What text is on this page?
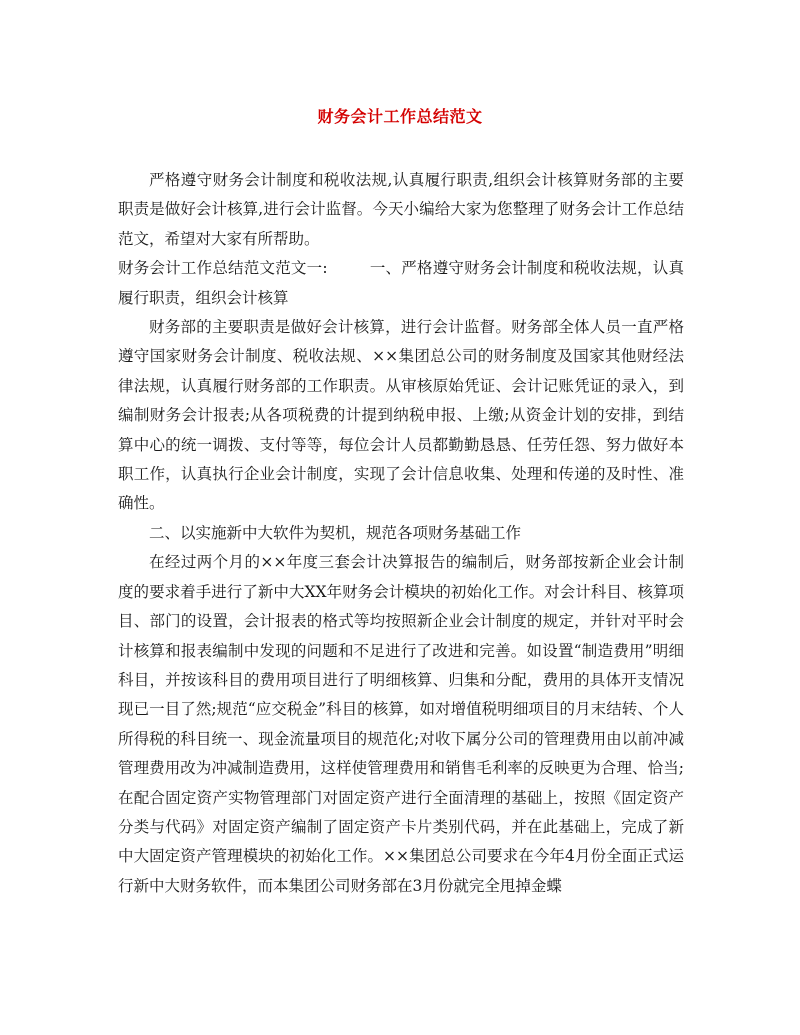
财务会计工作总结范文

严格遵守财务会计制度和税收法规,认真履行职责,组织会计核算财务部的主要职责是做好会计核算,进行会计监督。今天小编给大家为您整理了财务会计工作总结范文，希望对大家有所帮助。

财务会计工作总结范文范文一:	一、严格遵守财务会计制度和税收法规，认真履行职责，组织会计核算

财务部的主要职责是做好会计核算，进行会计监督。财务部全体人员一直严格遵守国家财务会计制度、税收法规、××集团总公司的财务制度及国家其他财经法律法规，认真履行财务部的工作职责。从审核原始凭证、会计记账凭证的录入，到编制财务会计报表;从各项税费的计提到纳税申报、上缴;从资金计划的安排，到结算中心的统一调拨、支付等等，每位会计人员都勤勤恳恳、任劳任怨、努力做好本职工作，认真执行企业会计制度，实现了会计信息收集、处理和传递的及时性、准确性。

二、以实施新中大软件为契机，规范各项财务基础工作

在经过两个月的××年度三套会计决算报告的编制后，财务部按新企业会计制度的要求着手进行了新中大XX年财务会计模块的初始化工作。对会计科目、核算项目、部门的设置，会计报表的格式等均按照新企业会计制度的规定，并针对平时会计核算和报表编制中发现的问题和不足进行了改进和完善。如设置“制造费用”明细科目，并按该科目的费用项目进行了明细核算、归集和分配，费用的具体开支情况现已一目了然;规范“应交税金”科目的核算，如对增值税明细项目的月末结转、个人所得税的科目统一、现金流量项目的规范化;对收下属分公司的管理费用由以前冲减管理费用改为冲减制造费用，这样使管理费用和销售毛利率的反映更为合理、恰当;在配合固定资产实物管理部门对固定资产进行全面清理的基础上，按照《固定资产分类与代码》对固定资产编制了固定资产卡片类别代码，并在此基础上，完成了新中大固定资产管理模块的初始化工作。××集团总公司要求在今年4月份全面正式运行新中大财务软件，而本集团公司财务部在3月份就完全甩掉金蝶
